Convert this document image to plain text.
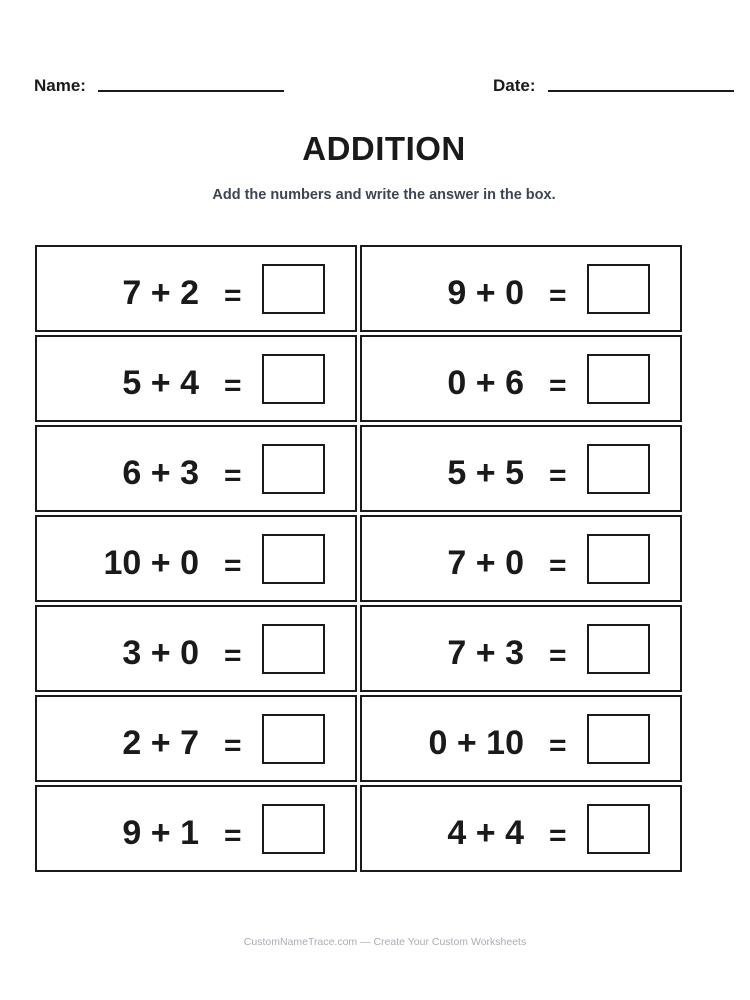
Name:	Date:
ADDITION
Add the numbers and write the answer in the box.
7 + 2 =	9 + 0 =
5 + 4 =	0 + 6 =
6 + 3 =	5 + 5 =
10 + 0 =	7 + 0 =
3 + 0 =	7 + 3 =
2 + 7 =	0 + 10 =
9 + 1 =	4 + 4 =
CustomNameTrace.com — Create Your Custom Worksheets
